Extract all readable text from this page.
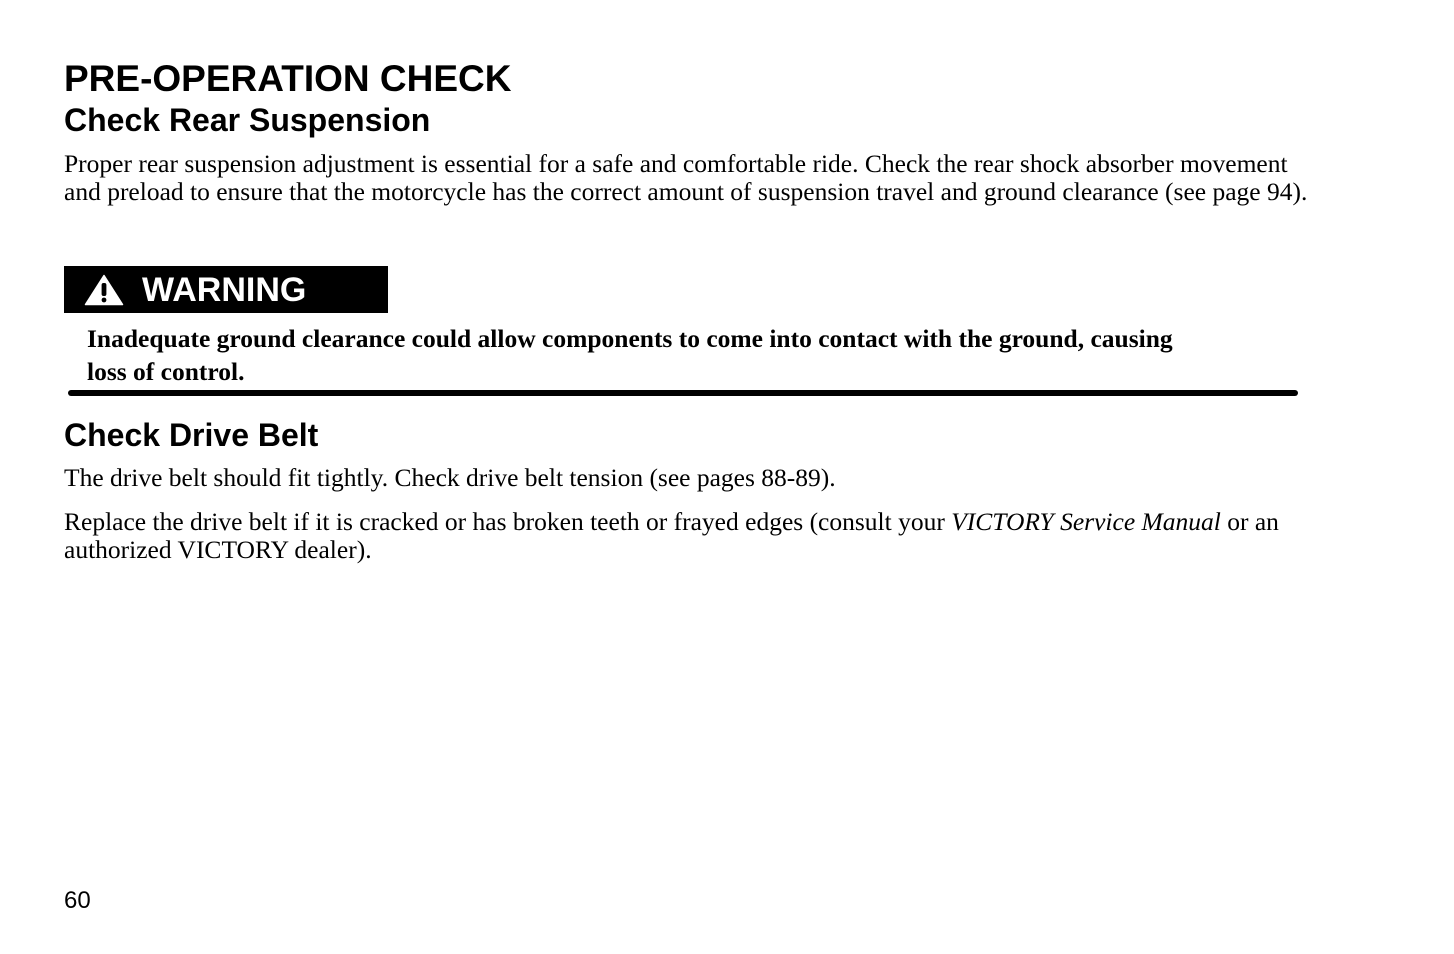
PRE-OPERATION CHECK
Check Rear Suspension

Proper rear suspension adjustment is essential for a safe and comfortable ride. Check the rear shock absorber movement and preload to ensure that the motorcycle has the correct amount of suspension travel and ground clearance (see page 94).

WARNING

Inadequate ground clearance could allow components to come into contact with the ground, causing loss of control.

Check Drive Belt

The drive belt should fit tightly. Check drive belt tension (see pages 88-89).

Replace the drive belt if it is cracked or has broken teeth or frayed edges (consult your VICTORY Service Manual or an authorized VICTORY dealer).

60
